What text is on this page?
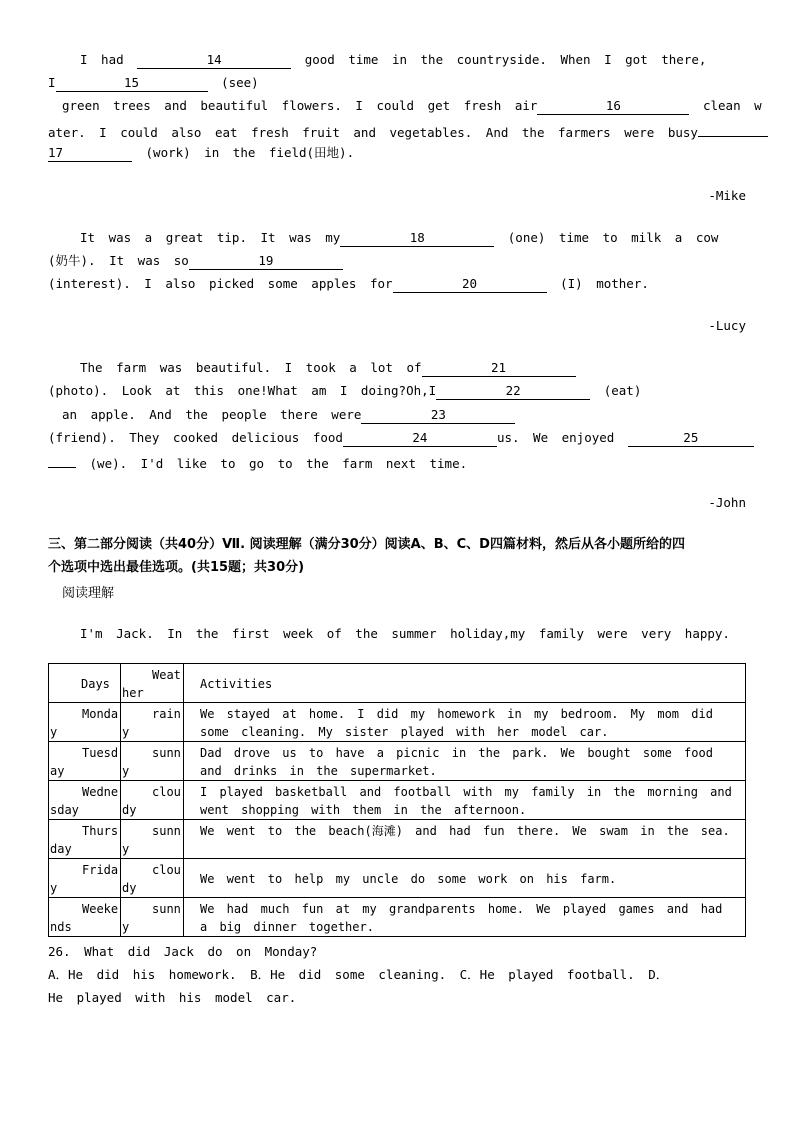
I had	14	good time in the countryside. When I got there,
I	15	(see)
green trees and beautiful flowers. I could get fresh air	16	clean w
ater. I could also eat fresh fruit and vegetables. And the farmers were busy
17	(work) in the field(田地).
-Mike
It was a great tip. It was my	18	(one) time to milk a cow
(奶牛). It was so	19
(interest). I also picked some apples for	20	(I) mother.
-Lucy
The farm was beautiful. I took a lot of	21
(photo). Look at this one!What am I doing?Oh,I	22	(eat)
an apple. And the people there were	23
(friend). They cooked delicious food	24	us. We enjoyed	25
(we). I'd like to go to the farm next time.
-John
三、第二部分阅读（共40分）Ⅶ. 阅读理解（满分30分）阅读A、B、C、D四篇材料，然后从各小题所给的四
个选项中选出最佳选项。(共15题；共30分)
阅读理解
I'm Jack. In the first week of the summer holiday,my family were very happy.
Days	Weat
her	Activities

Monda
y	rain
y	We stayed at home. I did my homework in my bedroom. My mom did some cleaning. My sister played with her model car.

Tuesd
ay	sunn
y	Dad drove us to have a picnic in the park. We bought some food and drinks in the supermarket.

Wedne
sday	clou
dy	I played basketball and football with my family in the morning and went shopping with them in the afternoon.

Thurs
day	sunn
y	We went to the beach(海滩) and had fun there. We swam in the sea.

Frida
y	clou
dy	We went to help my uncle do some work on his farm.

Weeke
nds	sunn
y	We had much fun at my grandparents home. We played games and had a big dinner together.
26. What did Jack do on Monday?
A．He did his homework. B．He did some cleaning. C．He played football. D．
He played with his model car.
